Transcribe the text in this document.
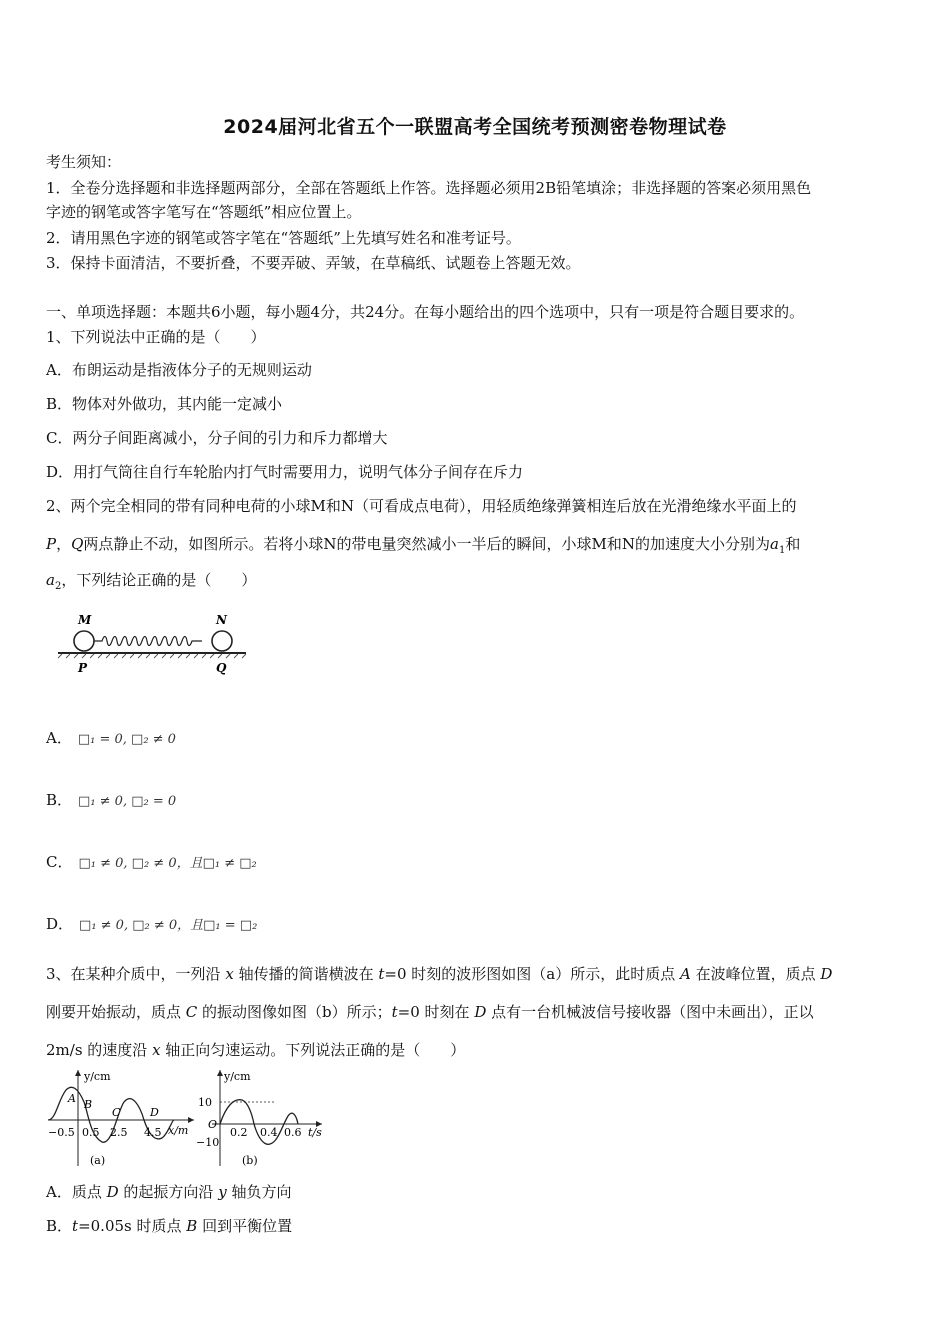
2024届河北省五个一联盟高考全国统考预测密卷物理试卷
考生须知：
1．全卷分选择题和非选择题两部分，全部在答题纸上作答。选择题必须用2B铅笔填涂；非选择题的答案必须用黑色
字迹的钢笔或答字笔写在“答题纸”相应位置上。
2．请用黑色字迹的钢笔或答字笔在“答题纸”上先填写姓名和准考证号。
3．保持卡面清洁，不要折叠，不要弄破、弄皱，在草稿纸、试题卷上答题无效。
一、单项选择题：本题共6小题，每小题4分，共24分。在每小题给出的四个选项中，只有一项是符合题目要求的。
1、下列说法中正确的是（　　）
A．布朗运动是指液体分子的无规则运动
B．物体对外做功，其内能一定减小
C．两分子间距离减小，分子间的引力和斥力都增大
D．用打气筒往自行车轮胎内打气时需要用力，说明气体分子间存在斥力
2、两个完全相同的带有同种电荷的小球M和N（可看成点电荷），用轻质绝缘弹簧相连后放在光滑绝缘水平面上的
P，Q两点静止不动，如图所示。若将小球N的带电量突然减小一半后的瞬间，小球M和N的加速度大小分别为$a_1$和
$a_2$，下列结论正确的是（　　）
M	N
P	Q
A． □₁ = 0, □₂ ≠ 0
B． □₁ ≠ 0, □₂ = 0
C． □₁ ≠ 0, □₂ ≠ 0，且□₁ ≠ □₂
D． □₁ ≠ 0, □₂ ≠ 0，且□₁ = □₂
3、在某种介质中，一列沿 x 轴传播的简谐横波在 t=0 时刻的波形图如图（a）所示，此时质点 A 在波峰位置，质点 D
刚要开始振动，质点 C 的振动图像如图（b）所示；t=0 时刻在 D 点有一台机械波信号接收器（图中未画出），正以
2m/s 的速度沿 x 轴正向匀速运动。下列说法正确的是（　　）
y/cm
x/m
A B
C	D
−0.5 0.5 2.5 4.5
(a)
y/cm
t/s
10
−10
O
0.2 0.4 0.6
(b)
A．质点 D 的起振方向沿 y 轴负方向
B．t=0.05s 时质点 B 回到平衡位置
